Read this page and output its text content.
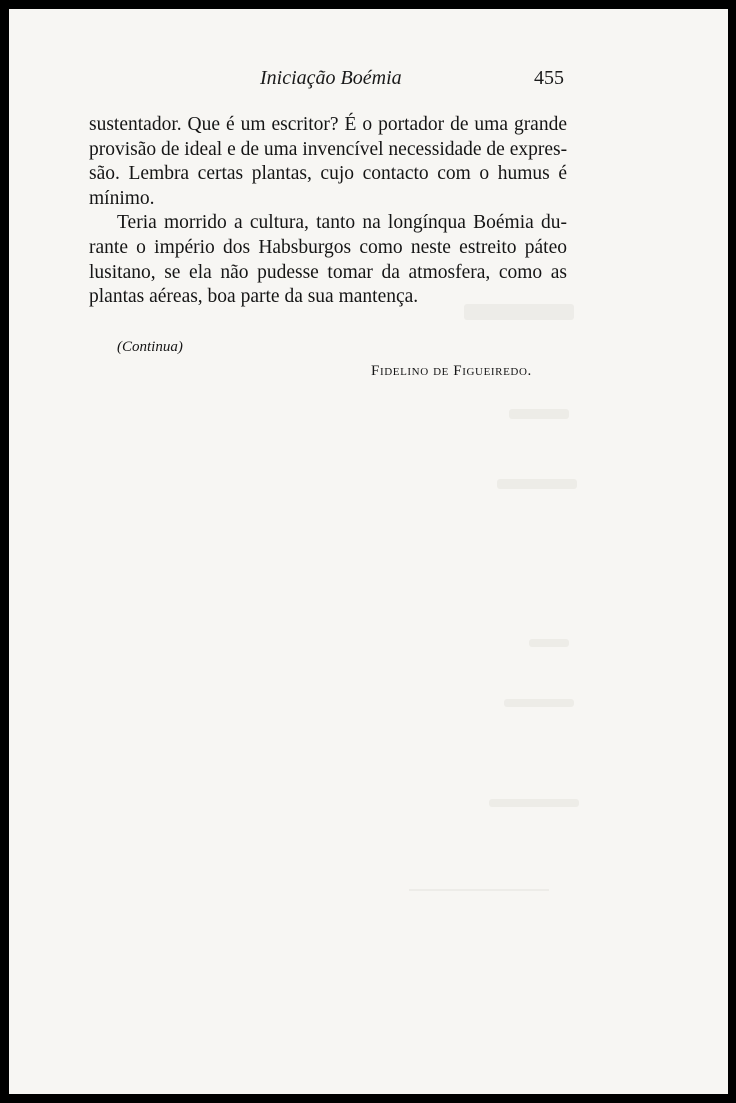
Iniciação Boémia	455
sustentador. Que é um escritor? É o portador de uma grande
provisão de ideal e de uma invencível necessidade de expres-
são. Lembra certas plantas, cujo contacto com o humus é
mínimo.
Teria morrido a cultura, tanto na longínqua Boémia du-
rante o império dos Habsburgos como neste estreito páteo
lusitano, se ela não pudesse tomar da atmosfera, como as
plantas aéreas, boa parte da sua mantença.
(Continua)
Fidelino de Figueiredo.
